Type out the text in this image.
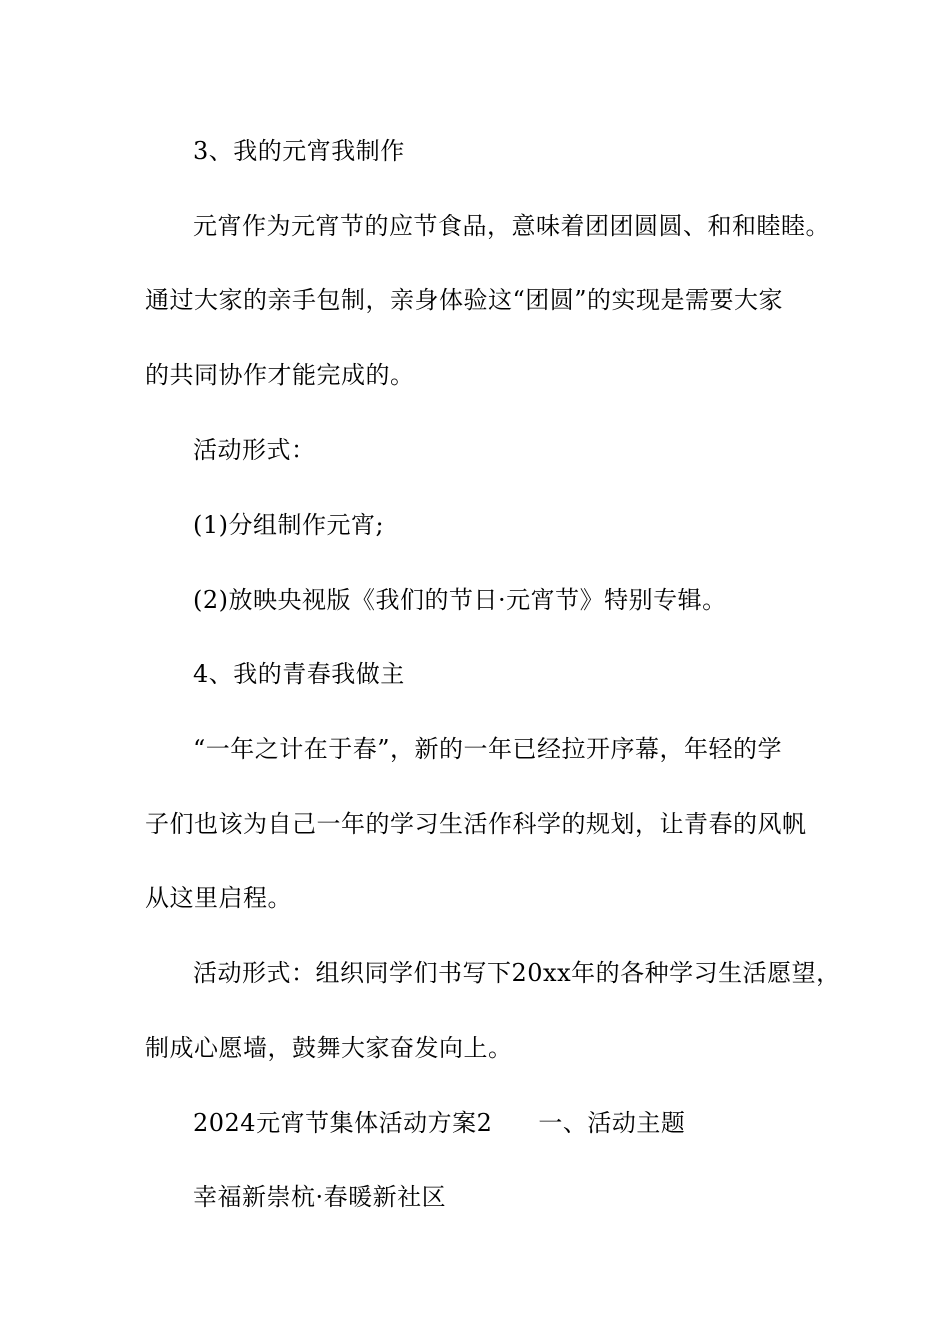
3、我的元宵我制作
元宵作为元宵节的应节食品，意味着团团圆圆、和和睦睦。
通过大家的亲手包制，亲身体验这“团圆”的实现是需要大家
的共同协作才能完成的。
活动形式：
(1)分组制作元宵;
(2)放映央视版《我们的节日·元宵节》特别专辑。
4、我的青春我做主
“一年之计在于春”，新的一年已经拉开序幕，年轻的学
子们也该为自己一年的学习生活作科学的规划，让青春的风帆
从这里启程。
活动形式：组织同学们书写下20xx年的各种学习生活愿望，
制成心愿墙，鼓舞大家奋发向上。
2024元宵节集体活动方案2 一、活动主题
幸福新崇杭·春暖新社区
